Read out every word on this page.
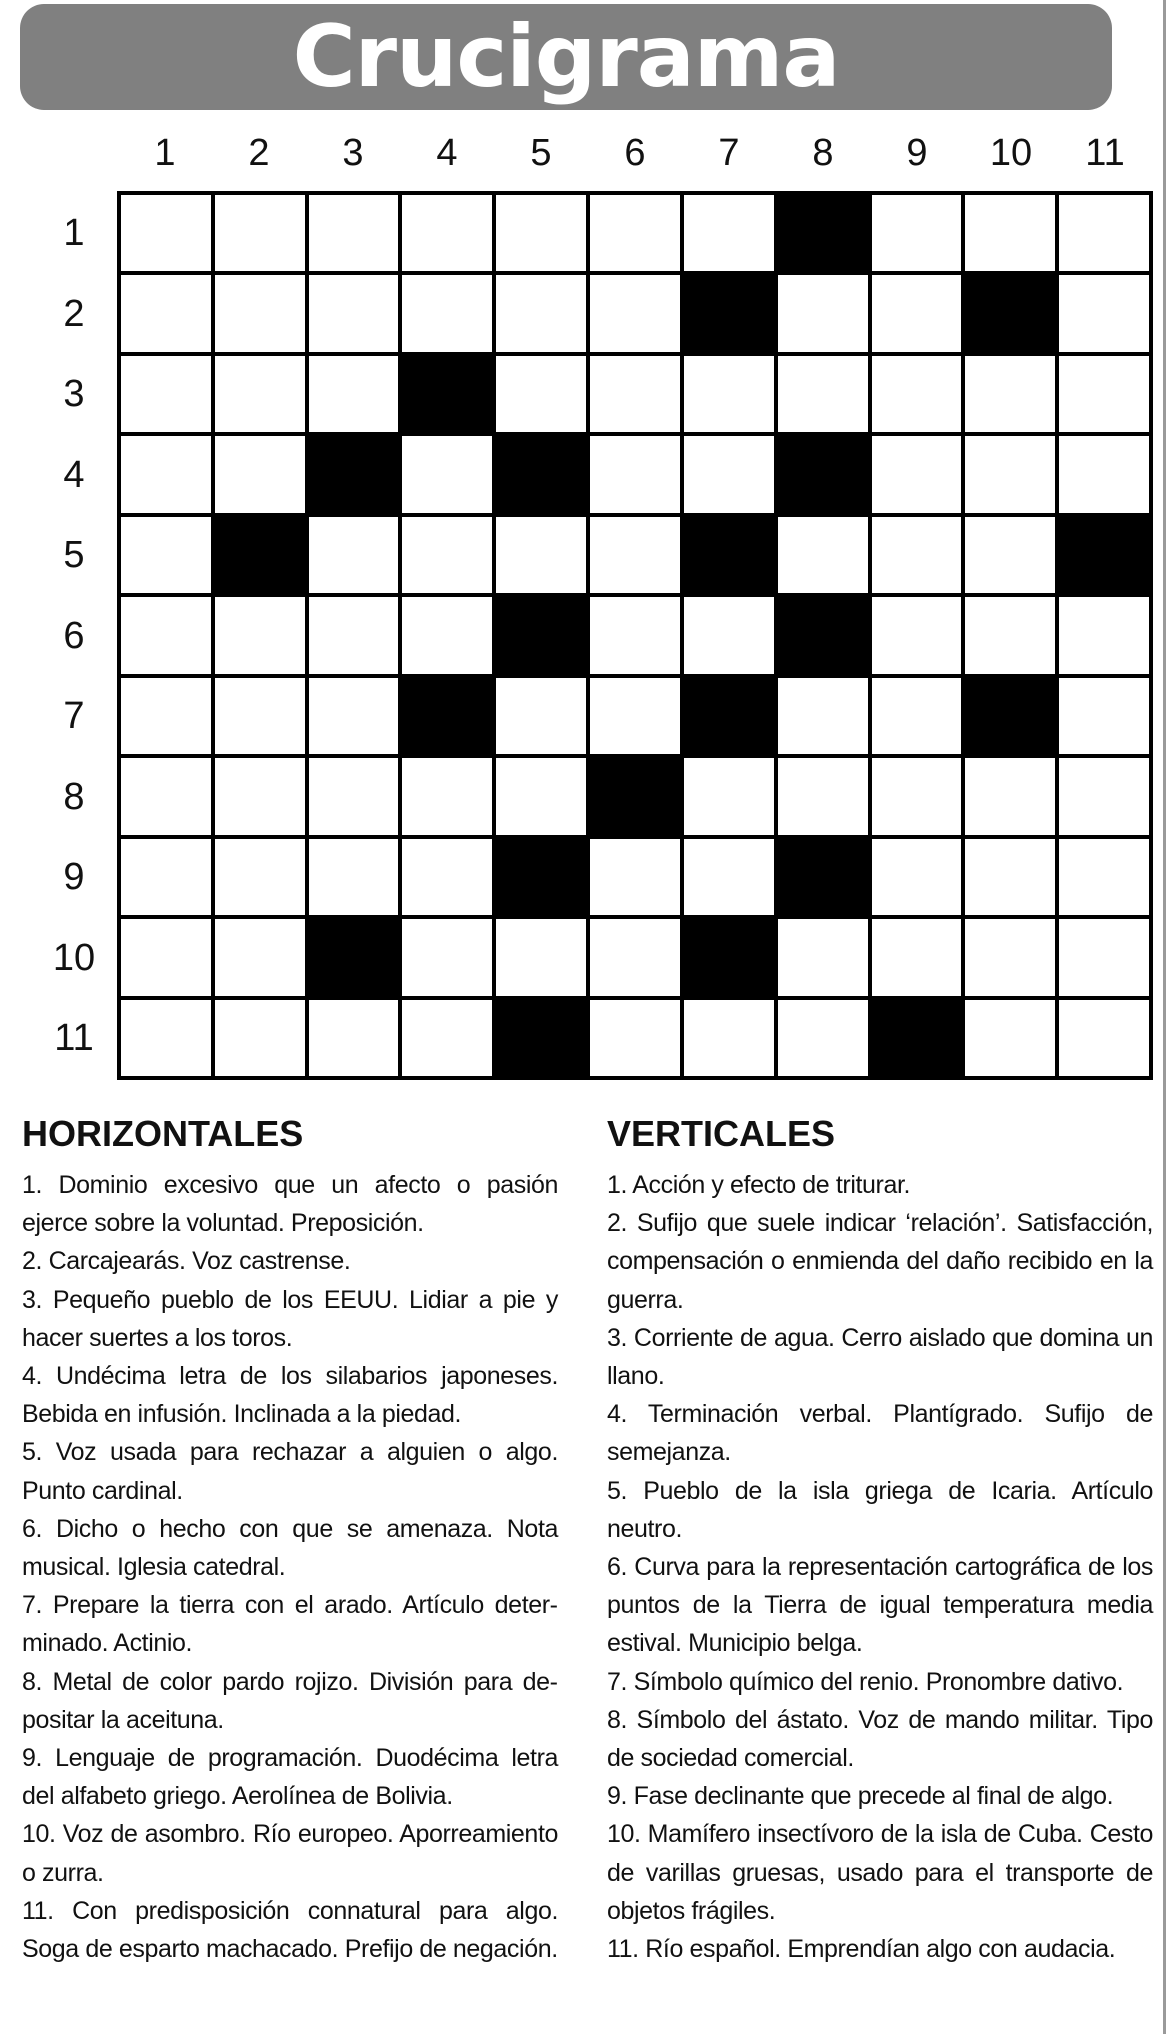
Crucigrama
1	2	3	4	5	6	7	8	9	10	11
1
2
3
4
5
6
7
8
9
10
11
HORIZONTALES
1. Dominio excesivo que un afecto o pasión ejerce sobre la voluntad. Preposición.
2. Carcajearás. Voz castrense.
3. Pequeño pueblo de los EEUU. Lidiar a pie y hacer suertes a los toros.
4. Undécima letra de los silabarios japoneses. Bebida en infusión. Inclinada a la piedad.
5. Voz usada para rechazar a alguien o algo. Punto cardinal.
6. Dicho o hecho con que se amenaza. Nota musical. Iglesia catedral.
7. Prepare la tierra con el arado. Artículo determinado. Actinio.
8. Metal de color pardo rojizo. División para depositar la aceituna.
9. Lenguaje de programación. Duodécima letra del alfabeto griego. Aerolínea de Bolivia.
10. Voz de asombro. Río europeo. Aporreamiento o zurra.
11. Con predisposición connatural para algo. Soga de esparto machacado. Prefijo de negación.
VERTICALES
1. Acción y efecto de triturar.
2. Sufijo que suele indicar ‘relación’. Satisfacción, compensación o enmienda del daño recibido en la guerra.
3. Corriente de agua. Cerro aislado que domina un llano.
4. Terminación verbal. Plantígrado. Sufijo de semejanza.
5. Pueblo de la isla griega de Icaria. Artículo neutro.
6. Curva para la representación cartográfica de los puntos de la Tierra de igual temperatura media estival. Municipio belga.
7. Símbolo químico del renio. Pronombre dativo.
8. Símbolo del ástato. Voz de mando militar. Tipo de sociedad comercial.
9. Fase declinante que precede al final de algo.
10. Mamífero insectívoro de la isla de Cuba. Cesto de varillas gruesas, usado para el transporte de objetos frágiles.
11. Río español. Emprendían algo con audacia.
